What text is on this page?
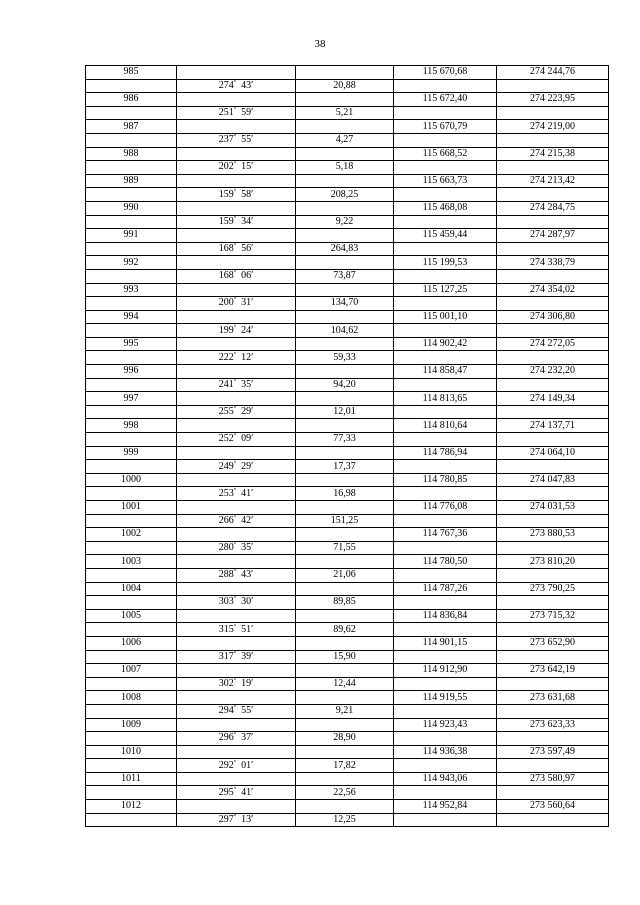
38
985			115 670,68	274 244,76
	274° 43′	20,88		
986			115 672,40	274 223,95
	251° 59′	5,21		
987			115 670,79	274 219,00
	237° 55′	4,27		
988			115 668,52	274 215,38
	202° 15′	5,18		
989			115 663,73	274 213,42
	159° 58′	208,25		
990			115 468,08	274 284,75
	159° 34′	9,22		
991			115 459,44	274 287,97
	168° 56′	264,83		
992			115 199,53	274 338,79
	168° 06′	73,87		
993			115 127,25	274 354,02
	200° 31′	134,70		
994			115 001,10	274 306,80
	199° 24′	104,62		
995			114 902,42	274 272,05
	222° 12′	59,33		
996			114 858,47	274 232,20
	241° 35′	94,20		
997			114 813,65	274 149,34
	255° 29′	12,01		
998			114 810,64	274 137,71
	252° 09′	77,33		
999			114 786,94	274 064,10
	249° 29′	17,37		
1000			114 780,85	274 047,83
	253° 41′	16,98		
1001			114 776,08	274 031,53
	266° 42′	151,25		
1002			114 767,36	273 880,53
	280° 35′	71,55		
1003			114 780,50	273 810,20
	288° 43′	21,06		
1004			114 787,26	273 790,25
	303° 30′	89,85		
1005			114 836,84	273 715,32
	315° 51′	89,62		
1006			114 901,15	273 652,90
	317° 39′	15,90		
1007			114 912,90	273 642,19
	302° 19′	12,44		
1008			114 919,55	273 631,68
	294° 55′	9,21		
1009			114 923,43	273 623,33
	296° 37′	28,90		
1010			114 936,38	273 597,49
	292° 01′	17,82		
1011			114 943,06	273 580,97
	295° 41′	22,56		
1012			114 952,84	273 560,64
	297° 13′	12,25		
